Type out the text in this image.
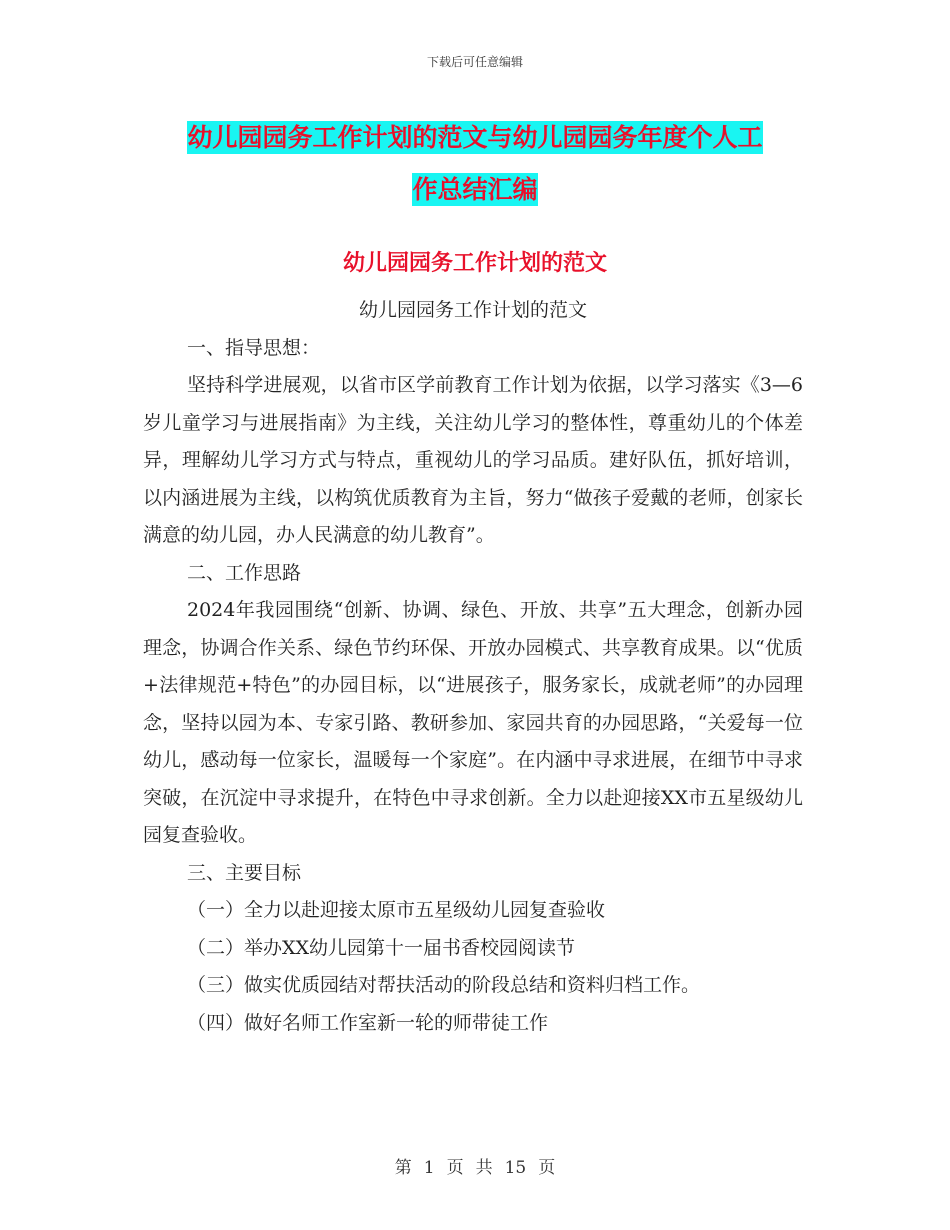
下载后可任意编辑
幼儿园园务工作计划的范文与幼儿园园务年度个人工
作总结汇编
幼儿园园务工作计划的范文

幼儿园园务工作计划的范文

一、指导思想：

坚持科学进展观，以省市区学前教育工作计划为依据，以学习落实《3—6岁儿童学习与进展指南》为主线，关注幼儿学习的整体性，尊重幼儿的个体差异，理解幼儿学习方式与特点，重视幼儿的学习品质。建好队伍，抓好培训，以内涵进展为主线，以构筑优质教育为主旨，努力“做孩子爱戴的老师，创家长满意的幼儿园，办人民满意的幼儿教育”。

二、工作思路

2024年我园围绕“创新、协调、绿色、开放、共享”五大理念，创新办园理念，协调合作关系、绿色节约环保、开放办园模式、共享教育成果。以“优质+法律规范+特色”的办园目标，以“进展孩子，服务家长，成就老师”的办园理念，坚持以园为本、专家引路、教研参加、家园共育的办园思路，“关爱每一位幼儿，感动每一位家长，温暖每一个家庭”。在内涵中寻求进展，在细节中寻求突破，在沉淀中寻求提升，在特色中寻求创新。全力以赴迎接XX市五星级幼儿园复查验收。

三、主要目标

（一）全力以赴迎接太原市五星级幼儿园复查验收

（二）举办XX幼儿园第十一届书香校园阅读节

（三）做实优质园结对帮扶活动的阶段总结和资料归档工作。

（四）做好名师工作室新一轮的师带徒工作

第 1 页 共 15 页
